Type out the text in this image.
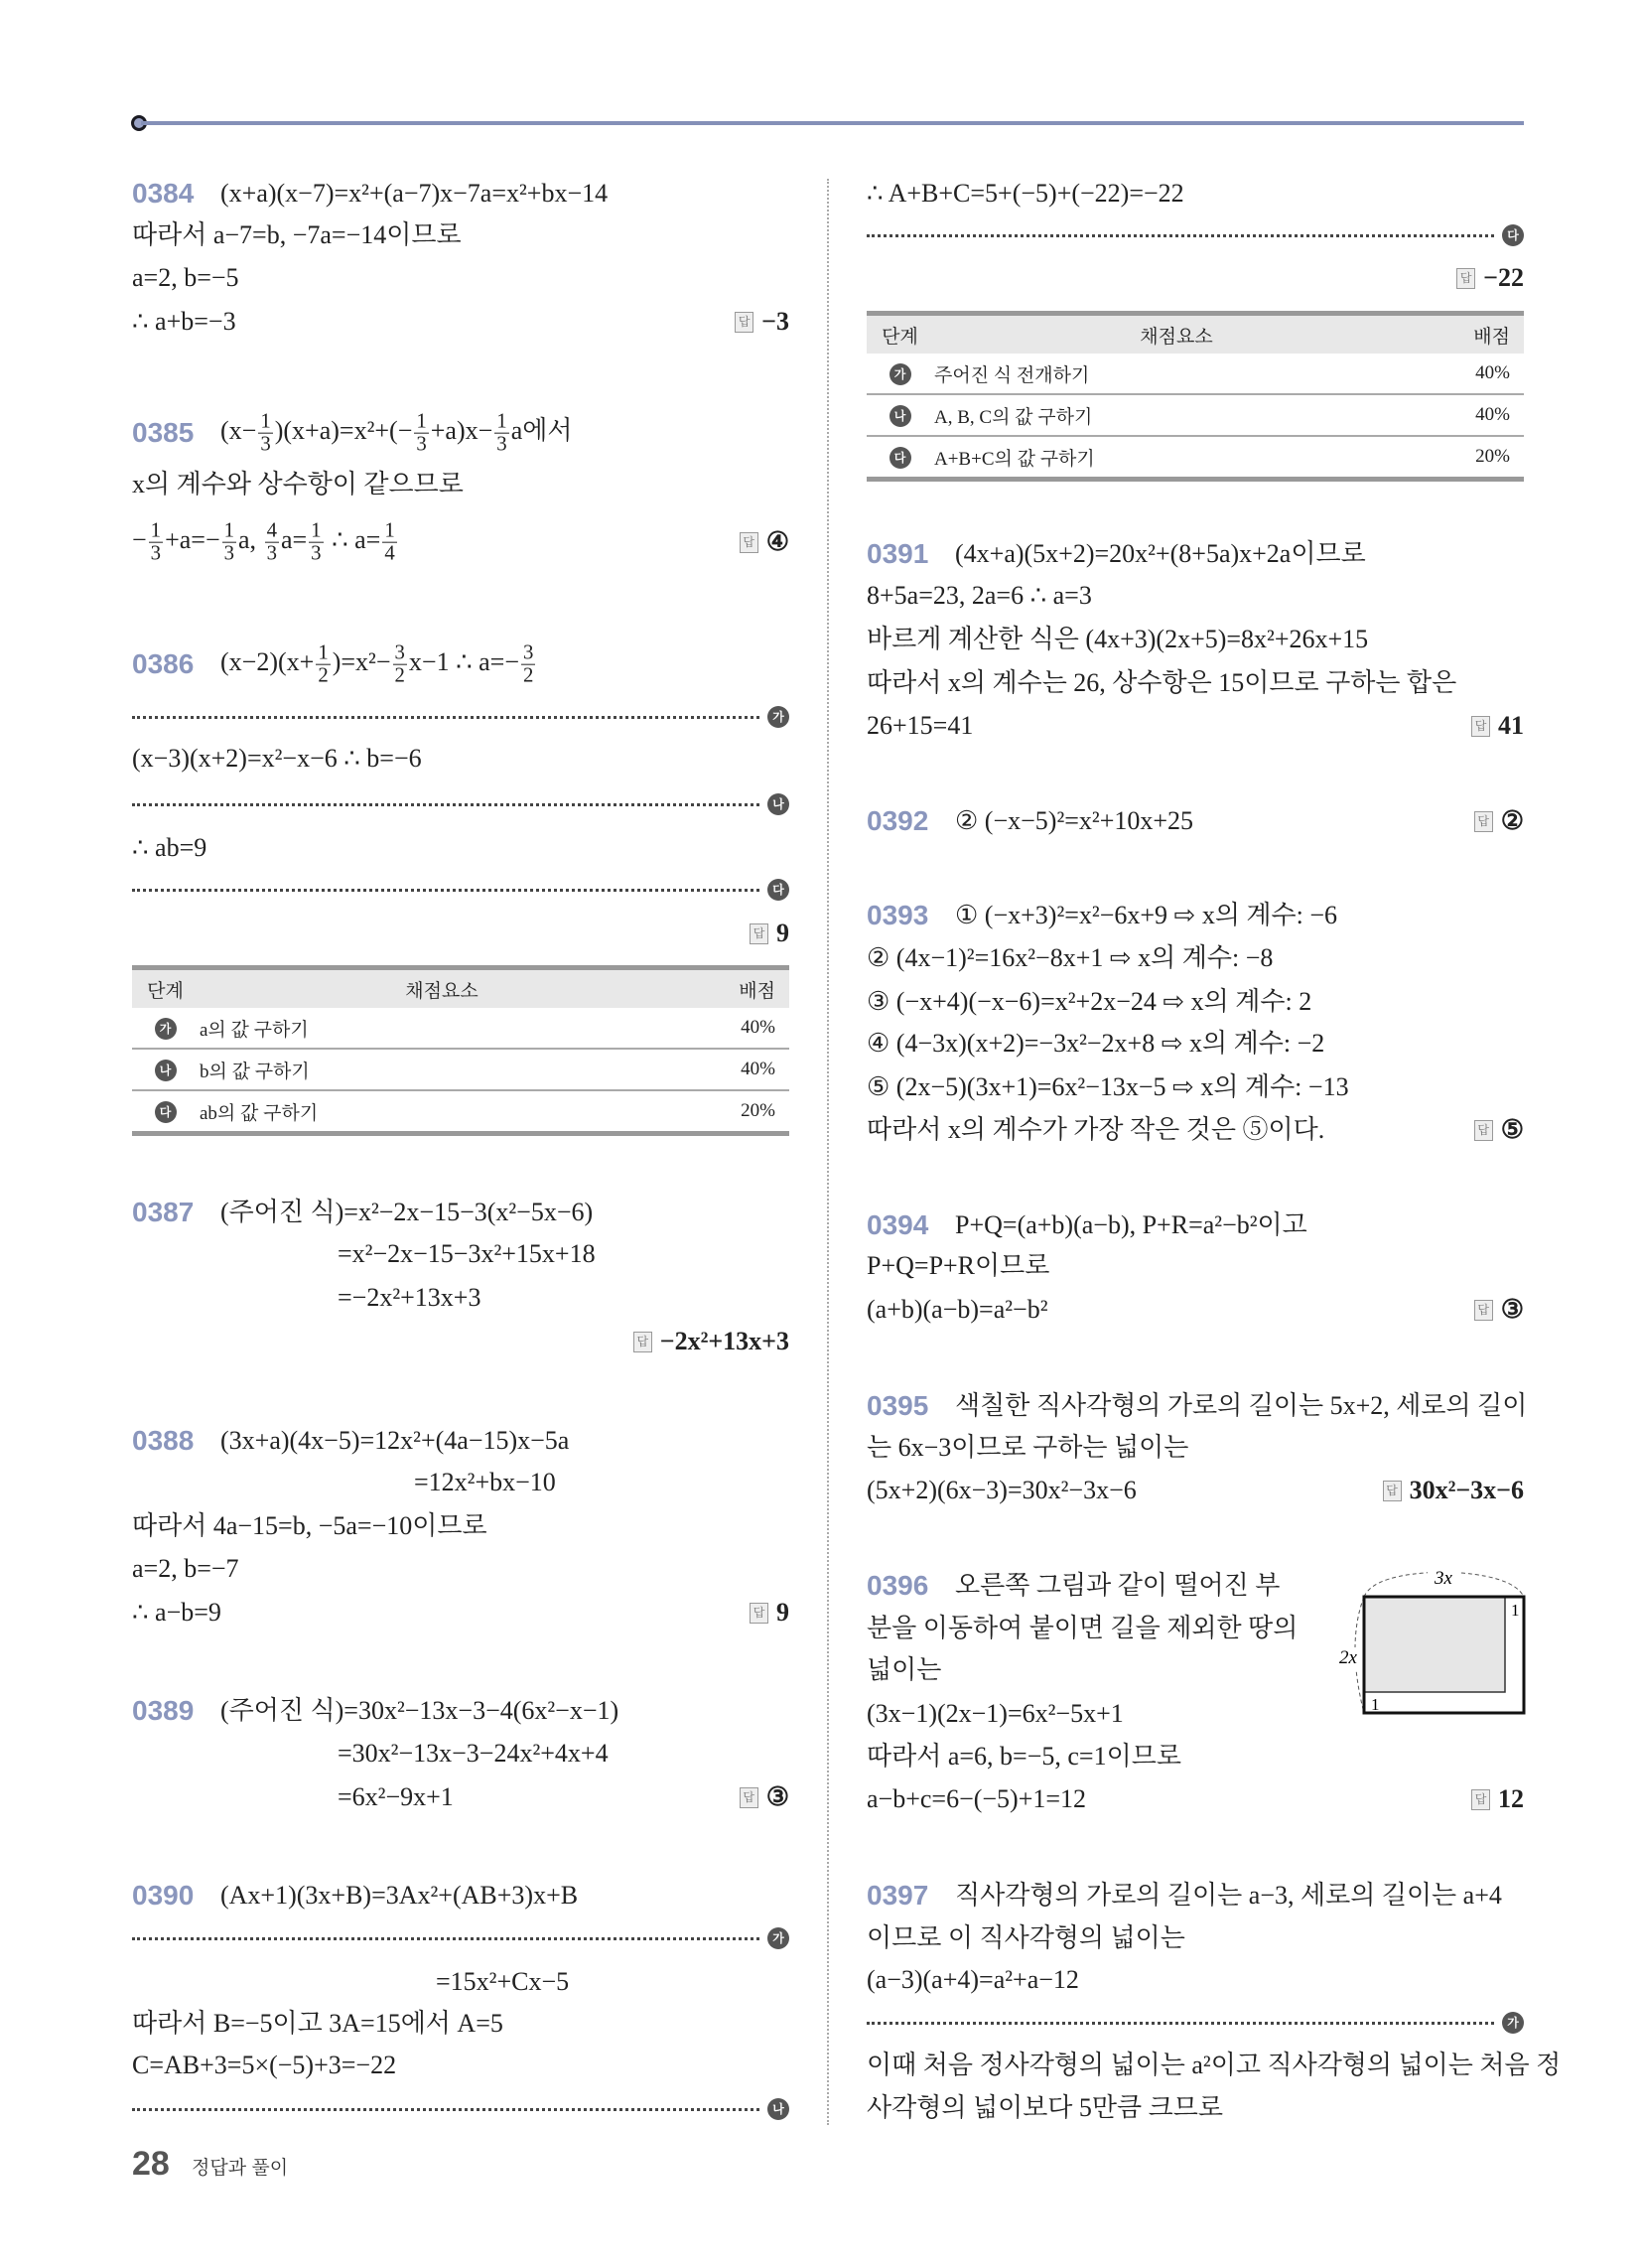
0384 (x+a)(x−7)=x²+(a−7)x−7a=x²+bx−14
따라서 a−7=b, −7a=−14이므로
a=2, b=−5
∴ a+b=−3	답 −3
0385 $(x- \frac{1}{3} )(x+a)=x^2+(- \frac{1}{3} +a)x- \frac{1}{3}$ a에서
x의 계수와 상수항이 같으므로
− $\frac{1}{3} +a=- \frac{1}{3} a$, $\frac{4}{3} a= \frac{1}{3}$ ∴ $a= \frac{1}{4}$	답 ④
0386 $(x-2)(x+ \frac{1}{2} )=x^2- \frac{3}{2} x-1$ ∴ $a=- \frac{3}{2}$
가
(x−3)(x+2)=x²−x−6 ∴ b=−6
나
∴ ab=9
다
답 9
단계	채점요소	배점
가	a의 값 구하기	40%
나	b의 값 구하기	40%
다	ab의 값 구하기	20%
0387 (주어진 식)=x²−2x−15−3(x²−5x−6)
=x²−2x−15−3x²+15x+18
=−2x²+13x+3
답 −2x²+13x+3
0388 (3x+a)(4x−5)=12x²+(4a−15)x−5a
=12x²+bx−10
따라서 4a−15=b, −5a=−10이므로
a=2, b=−7
∴ a−b=9	답 9
0389 (주어진 식)=30x²−13x−3−4(6x²−x−1)
=30x²−13x−3−24x²+4x+4
=6x²−9x+1	답 ③
0390 (Ax+1)(3x+B)=3Ax²+(AB+3)x+B
가
=15x²+Cx−5
따라서 B=−5이고 3A=15에서 A=5
C=AB+3=5×(−5)+3=−22
나
∴ A+B+C=5+(−5)+(−22)=−22
다
답 −22
단계	채점요소	배점
가	주어진 식 전개하기	40%
나	A, B, C의 값 구하기	40%
다	A+B+C의 값 구하기	20%
0391 (4x+a)(5x+2)=20x²+(8+5a)x+2a이므로
8+5a=23, 2a=6 ∴ a=3
바르게 계산한 식은 (4x+3)(2x+5)=8x²+26x+15
따라서 x의 계수는 26, 상수항은 15이므로 구하는 합은
26+15=41	답 41
0392 ② (−x−5)²=x²+10x+25	답 ②
0393 ① (−x+3)²=x²−6x+9 ⇨ x의 계수: −6
② (4x−1)²=16x²−8x+1 ⇨ x의 계수: −8
③ (−x+4)(−x−6)=x²+2x−24 ⇨ x의 계수: 2
④ (4−3x)(x+2)=−3x²−2x+8 ⇨ x의 계수: −2
⑤ (2x−5)(3x+1)=6x²−13x−5 ⇨ x의 계수: −13
따라서 x의 계수가 가장 작은 것은 ⑤이다.	답 ⑤
0394 P+Q=(a+b)(a−b), P+R=a²−b²이고
P+Q=P+R이므로
(a+b)(a−b)=a²−b²	답 ③
0395 색칠한 직사각형의 가로의 길이는 5x+2, 세로의 길이
는 6x−3이므로 구하는 넓이는
(5x+2)(6x−3)=30x²−3x−6	답 30x²−3x−6
0396 오른쪽 그림과 같이 떨어진 부
분을 이동하여 붙이면 길을 제외한 땅의
넓이는
(3x−1)(2x−1)=6x²−5x+1
따라서 a=6, b=−5, c=1이므로
a−b+c=6−(−5)+1=12	답 12
3x
2x
1
1
0397 직사각형의 가로의 길이는 a−3, 세로의 길이는 a+4
이므로 이 직사각형의 넓이는
(a−3)(a+4)=a²+a−12
가
이때 처음 정사각형의 넓이는 a²이고 직사각형의 넓이는 처음 정
사각형의 넓이보다 5만큼 크므로
28 정답과 풀이
